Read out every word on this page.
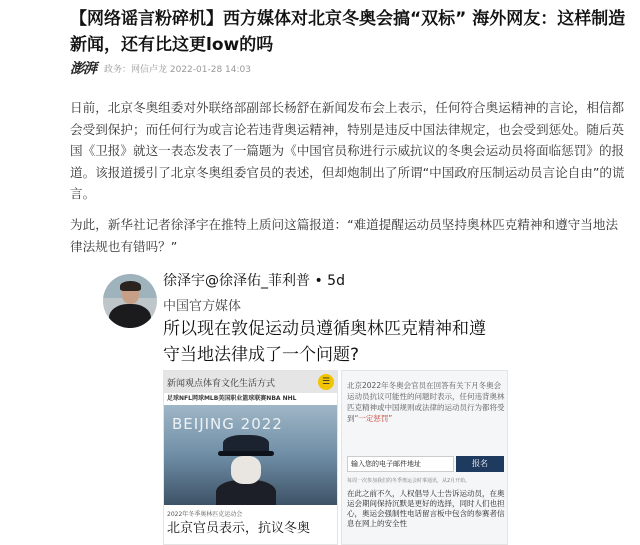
【网络谣言粉碎机】西方媒体对北京冬奥会搞“双标” 海外网友：这样制造新闻，还有比这更low的吗
澎湃 政务：网信卢龙 2022-01-28 14:03
日前，北京冬奥组委对外联络部副部长杨舒在新闻发布会上表示，任何符合奥运精神的言论，相信都会受到保护；而任何行为或言论若违背奥运精神，特别是违反中国法律规定，也会受到惩处。随后英国《卫报》就这一表态发表了一篇题为《中国官员称进行示威抗议的冬奥会运动员将面临惩罚》的报道。该报道援引了北京冬奥组委官员的表述，但却炮制出了所谓“中国政府压制运动员言论自由”的谎言。
为此，新华社记者徐泽宇在推特上质问这篇报道：“难道提醒运动员坚持奥林匹克精神和遵守当地法律法规也有错吗？”
徐泽宇@徐泽佑_菲利普 • 5d
中国官方媒体
所以现在敦促运动员遵循奥林匹克精神和遵守当地法律成了一个问题?
新闻观点体育文化生活方式	☰
足球NFL网球MLB美国职业篮球联赛NBA NHL
BEIJING 2022
2022年冬季奥林匹克运动会
北京官员表示，抗议冬奥
北京2022年冬奥会官员在回答有关下月冬奥会运动员抗议可能性的问题时表示，任何违背奥林匹克精神或中国规则或法律的运动员行为都将受到“一定惩罚”
输入您的电子邮件地址	报名
每周一次参加我们的冬季奥运会时事通讯，从2月开始。
在此之前不久，人权倡导人士告诉运动员，在奥运会期间保持沉默是更好的选择，同时人们也担心，奥运会强制性电话留言板中包含的参赛者信息在网上的安全性
